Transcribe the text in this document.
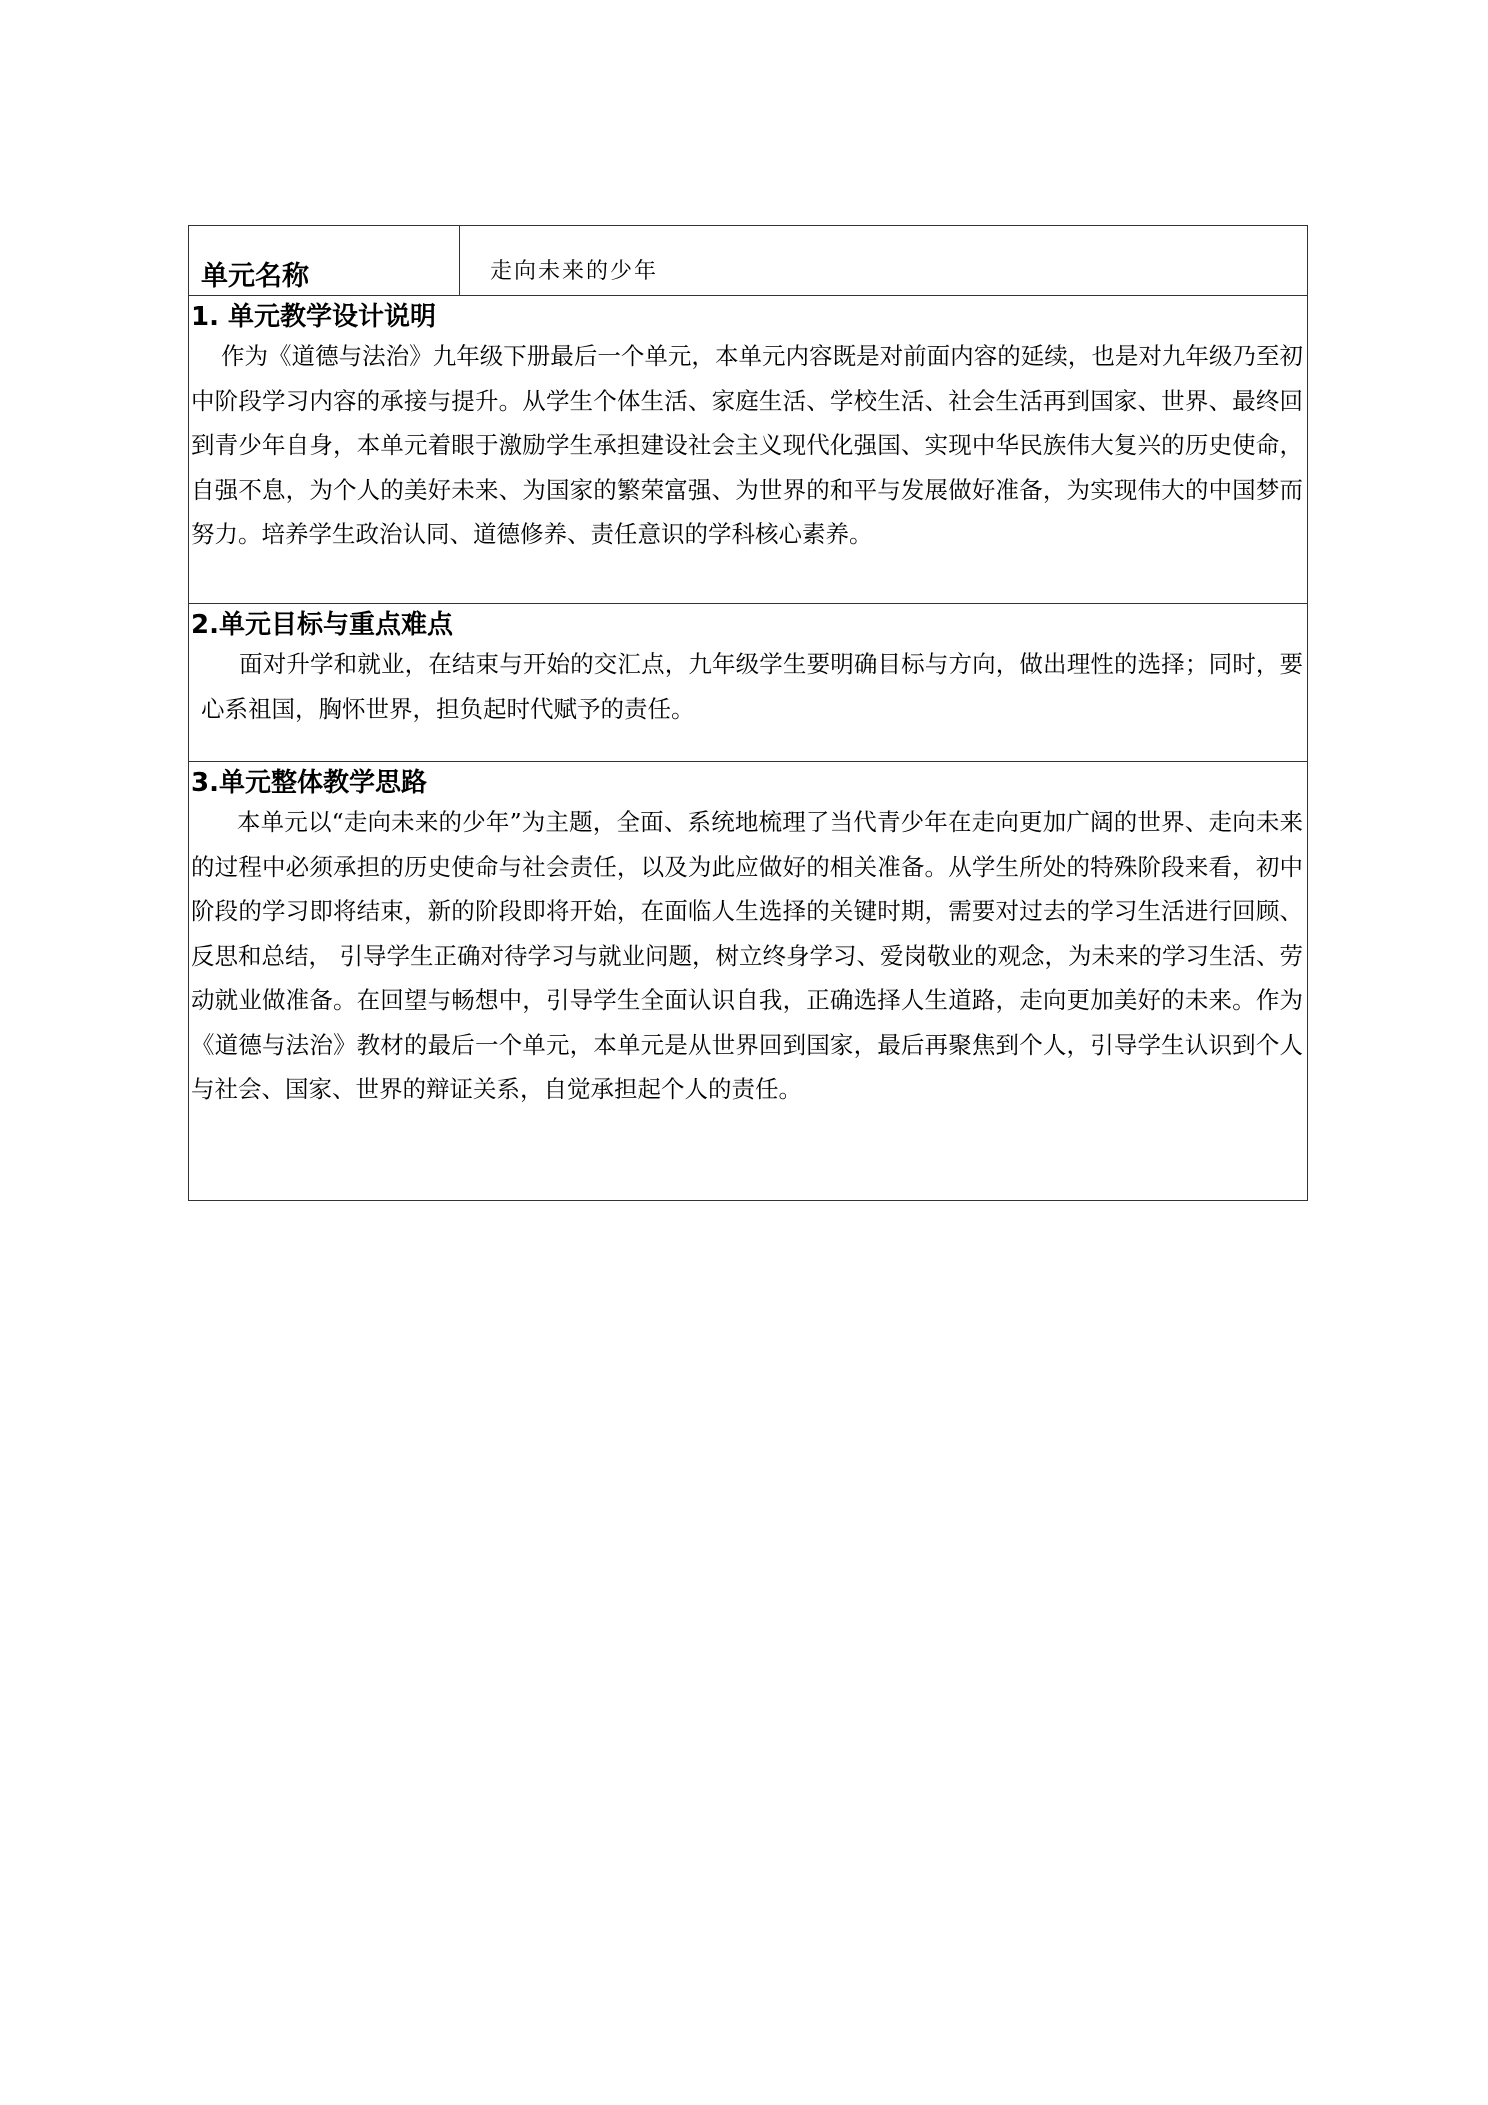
单元名称	走向未来的少年
1. 单元教学设计说明
作为《道德与法治》九年级下册最后一个单元，本单元内容既是对前面内容的延续，也是对九年级乃至初中阶段学习内容的承接与提升。从学生个体生活、家庭生活、学校生活、社会生活再到国家、世界、最终回到青少年自身，本单元着眼于激励学生承担建设社会主义现代化强国、实现中华民族伟大复兴的历史使命，自强不息，为个人的美好未来、为国家的繁荣富强、为世界的和平与发展做好准备，为实现伟大的中国梦而努力。培养学生政治认同、道德修养、责任意识的学科核心素养。
2.单元目标与重点难点
面对升学和就业，在结束与开始的交汇点，九年级学生要明确目标与方向，做出理性的选择；同时，要心系祖国，胸怀世界，担负起时代赋予的责任。
3.单元整体教学思路
本单元以“走向未来的少年”为主题，全面、系统地梳理了当代青少年在走向更加广阔的世界、走向未来的过程中必须承担的历史使命与社会责任，以及为此应做好的相关准备。从学生所处的特殊阶段来看，初中阶段的学习即将结束，新的阶段即将开始，在面临人生选择的关键时期，需要对过去的学习生活进行回顾、反思和总结， 引导学生正确对待学习与就业问题，树立终身学习、爱岗敬业的观念，为未来的学习生活、劳动就业做准备。在回望与畅想中，引导学生全面认识自我，正确选择人生道路，走向更加美好的未来。作为《道德与法治》教材的最后一个单元，本单元是从世界回到国家，最后再聚焦到个人，引导学生认识到个人与社会、国家、世界的辩证关系，自觉承担起个人的责任。
